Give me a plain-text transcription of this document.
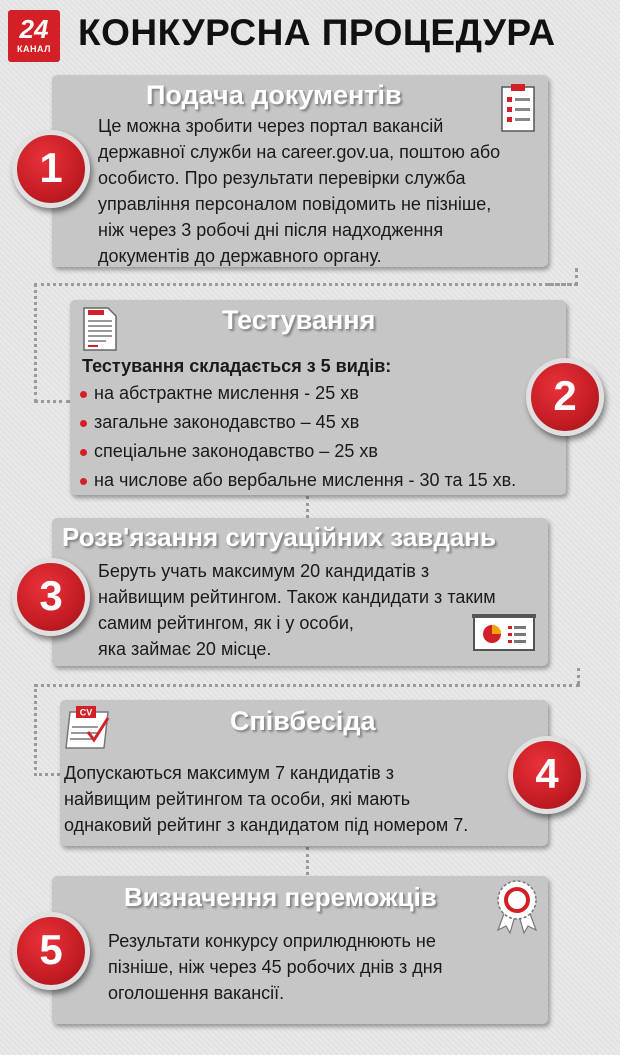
24
КАНАЛ КОНКУРСНА ПРОЦЕДУРА
Подача документів
Це можна зробити через портал вакансій
державної служби на career.gov.ua, поштою або
особисто. Про результати перевірки служба
управління персоналом повідомить не пізніше,
ніж через 3 робочі дні після надходження
документів до державного органу.
1
Тестування
Тестування складається з 5 видів:
на абстрактне мислення - 25 хв
загальне законодавство – 45 хв
спеціальне законодавство – 25 хв
на числове або вербальне мислення - 30 та 15 хв.
2
Розв'язання ситуаційних завдань
Беруть учать максимум 20 кандидатів з
найвищим рейтингом. Також кандидати з таким
самим рейтингом, як і у особи,
яка займає 20 місце.
3
CV	Співбесіда
Допускаються максимум 7 кандидатів з
найвищим рейтингом та особи, які мають
однаковий рейтинг з кандидатом під номером 7.
4
Визначення переможців
Результати конкурсу оприлюднюють не
пізніше, ніж через 45 робочих днів з дня
оголошення вакансії.
5
